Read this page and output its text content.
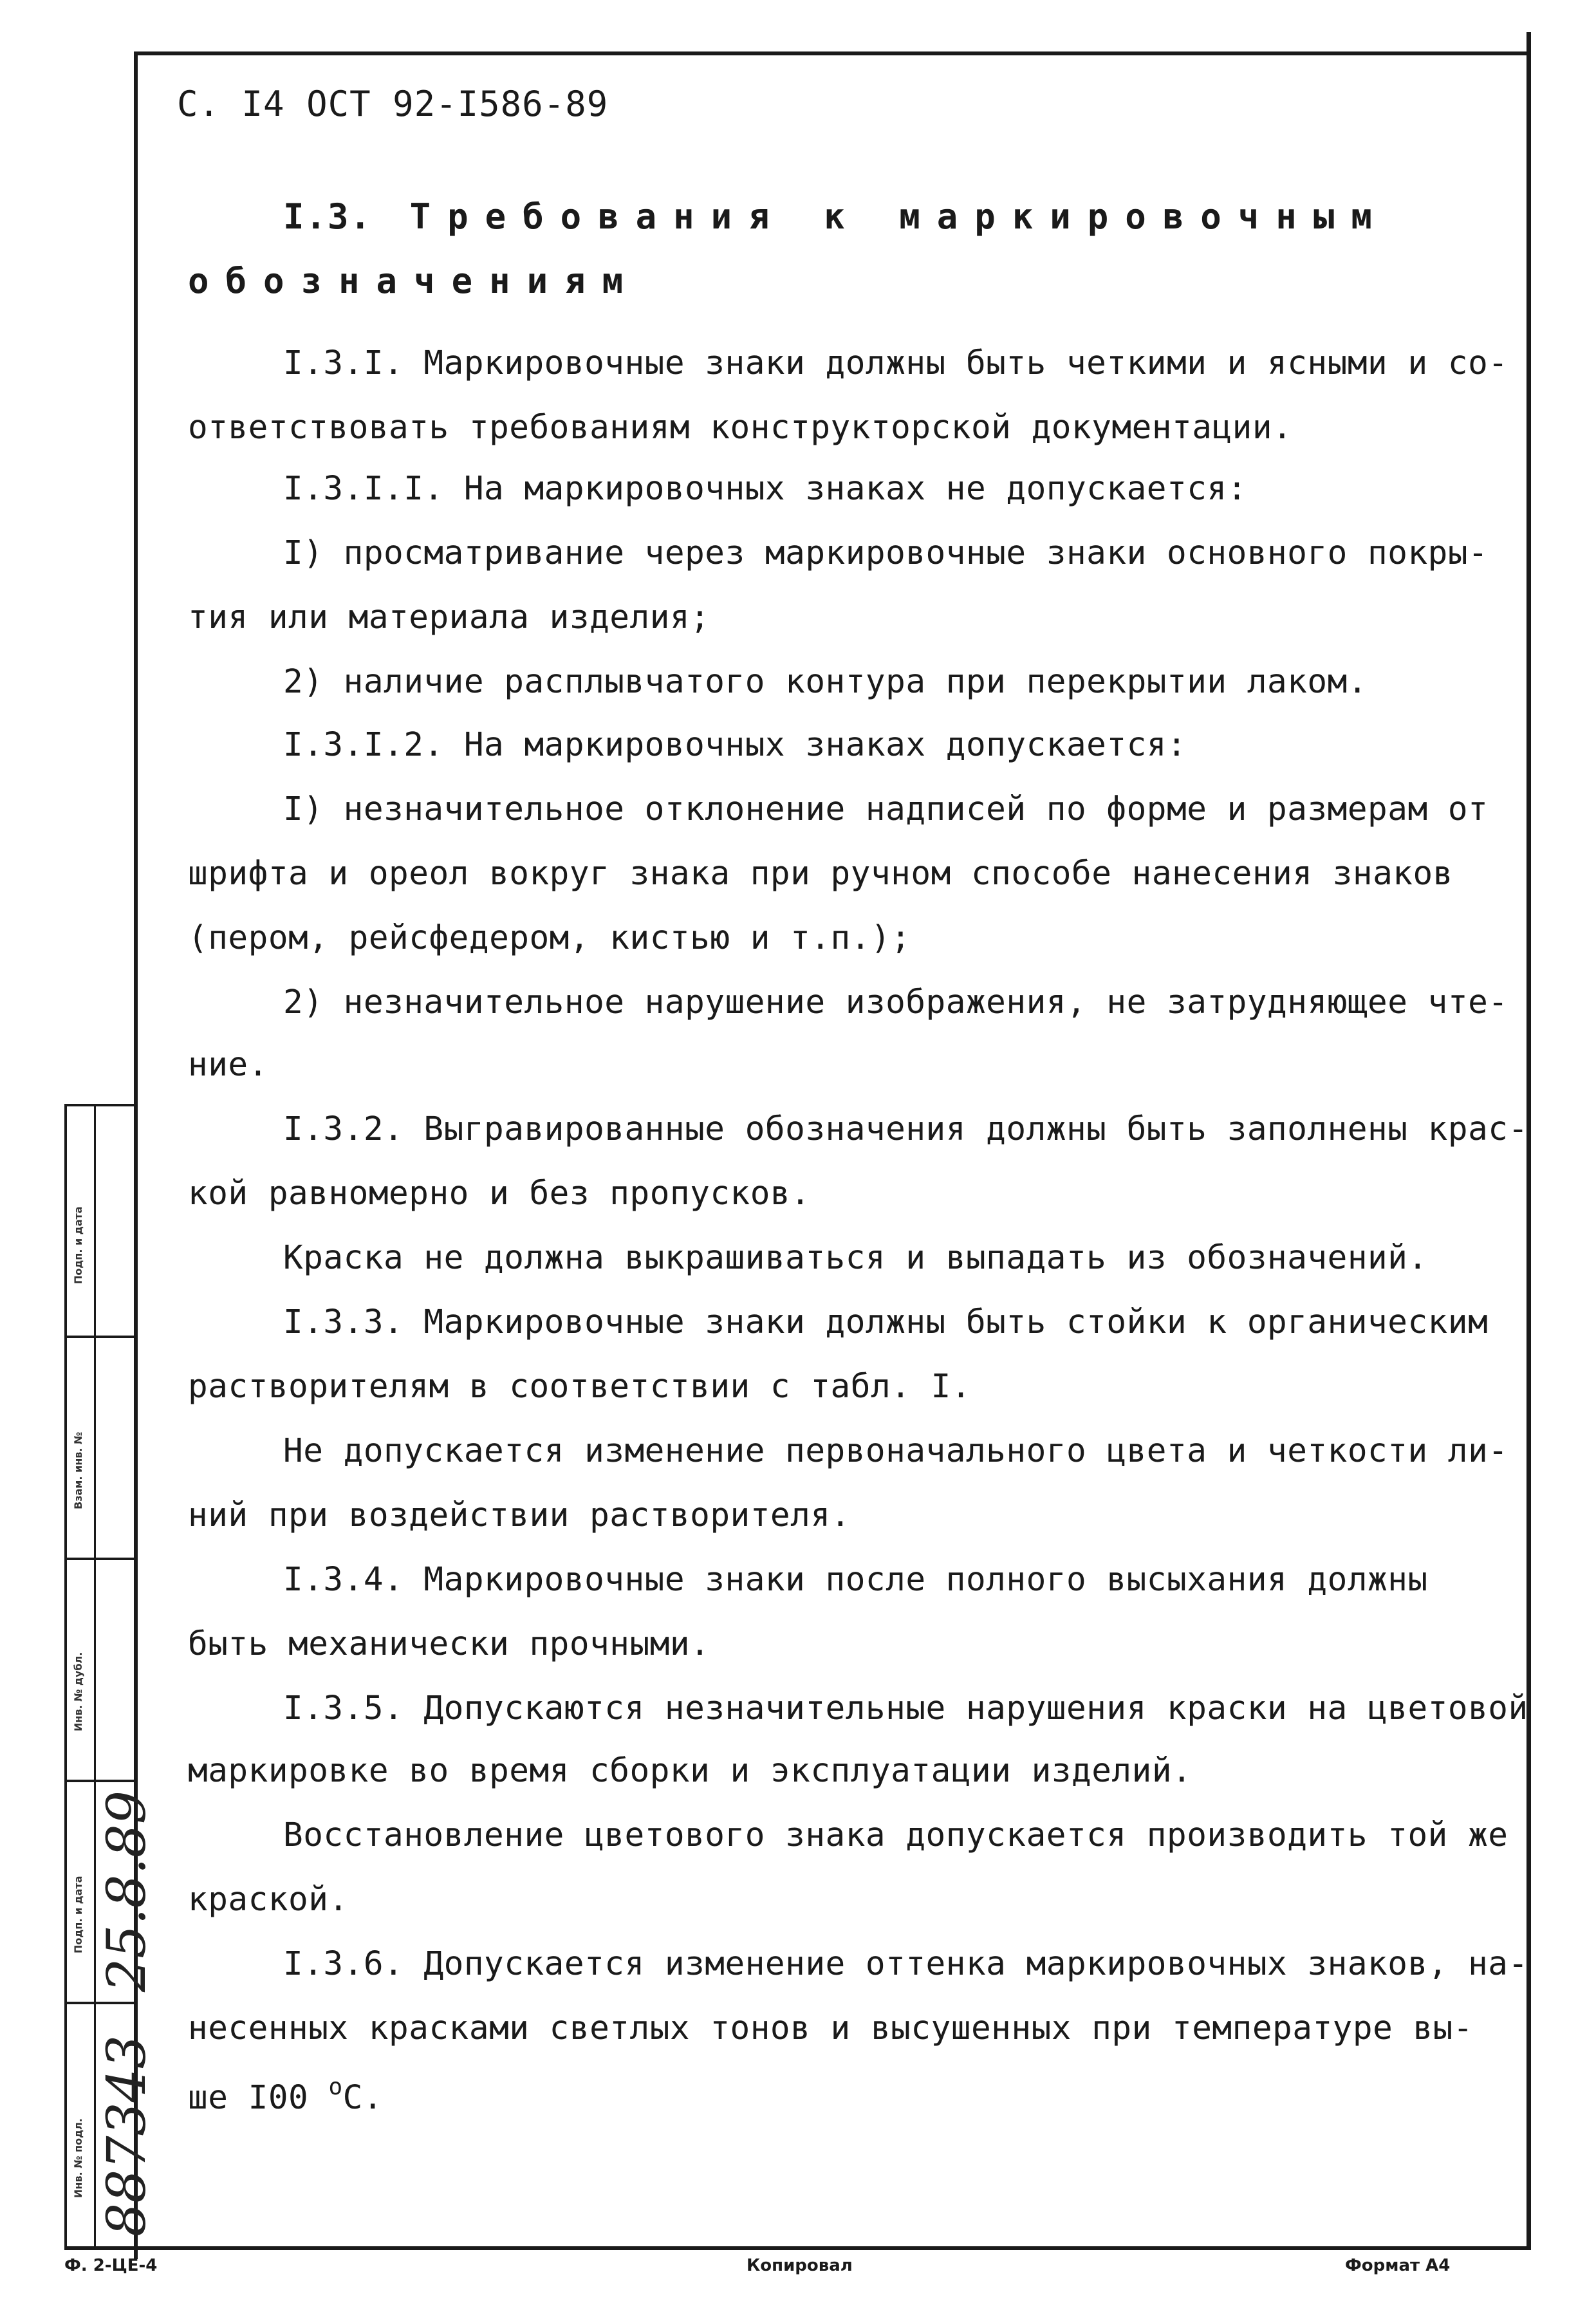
С. I4 ОСТ 92-I586-89
I.3. Требования к маркировочным
обозначениям
I.3.I. Маркировочные знаки должны быть четкими и ясными и со-
ответствовать требованиям конструкторской документации.
I.3.I.I. На маркировочных знаках не допускается:
I) просматривание через маркировочные знаки основного покры-
тия или материала изделия;
2) наличие расплывчатого контура при перекрытии лаком.
I.3.I.2. На маркировочных знаках допускается:
I) незначительное отклонение надписей по форме и размерам от
шрифта и ореол вокруг знака при ручном способе нанесения знаков
(пером, рейсфедером, кистью и т.п.);
2) незначительное нарушение изображения, не затрудняющее чте-
ние.
I.3.2. Выгравированные обозначения должны быть заполнены крас-
кой равномерно и без пропусков.
Краска не должна выкрашиваться и выпадать из обозначений.
I.3.3. Маркировочные знаки должны быть стойки к органическим
растворителям в соответствии с табл. I.
Не допускается изменение первоначального цвета и четкости ли-
ний при воздействии растворителя.
I.3.4. Маркировочные знаки после полного высыхания должны
быть механически прочными.
I.3.5. Допускаются незначительные нарушения краски на цветовой
маркировке во время сборки и эксплуатации изделий.
Восстановление цветового знака допускается производить той же
краской.
I.3.6. Допускается изменение оттенка маркировочных знаков, на-
несенных красками светлых тонов и высушенных при температуре вы-
ше I00 $^o$С.
Подп. и дата
Взам. инв. №
Инв. № дубл.
Подп. и дата
Инв. № подл.
25.8.89
887343
Ф. 2-ЦЕ-4	Копировал	Формат А4
